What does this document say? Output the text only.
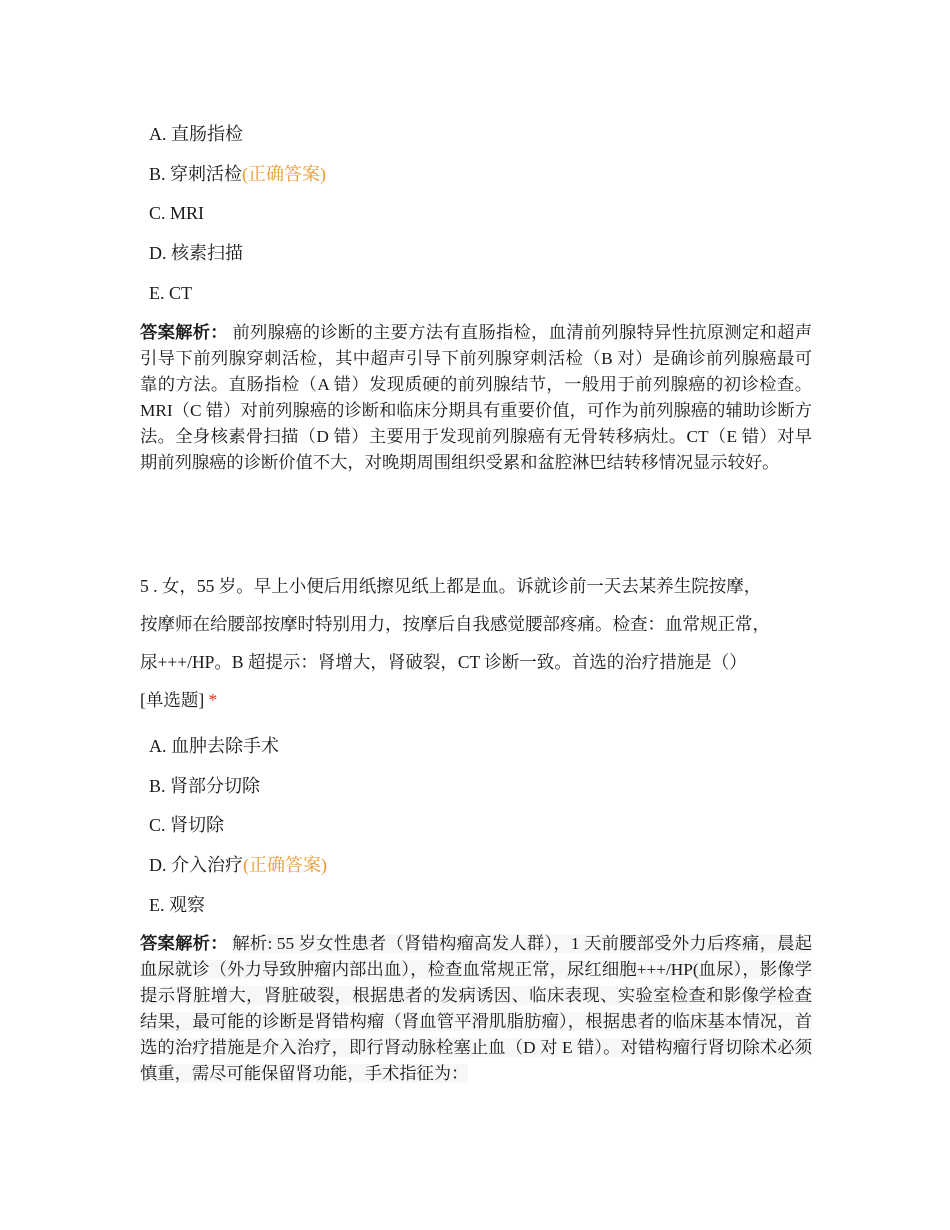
A. 直肠指检
B. 穿刺活检(正确答案)
C. MRI
D. 核素扫描
E. CT
答案解析： 前列腺癌的诊断的主要方法有直肠指检，血清前列腺特异性抗原测定和超声引导下前列腺穿刺活检，其中超声引导下前列腺穿刺活检（B 对）是确诊前列腺癌最可靠的方法。直肠指检（A 错）发现质硬的前列腺结节，一般用于前列腺癌的初诊检查。MRI（C 错）对前列腺癌的诊断和临床分期具有重要价值，可作为前列腺癌的辅助诊断方法。全身核素骨扫描（D 错）主要用于发现前列腺癌有无骨转移病灶。CT（E 错）对早期前列腺癌的诊断价值不大，对晚期周围组织受累和盆腔淋巴结转移情况显示较好。
5 . 女，55 岁。早上小便后用纸擦见纸上都是血。诉就诊前一天去某养生院按摩，
按摩师在给腰部按摩时特别用力，按摩后自我感觉腰部疼痛。检查：血常规正常，
尿+++/HP。B 超提示：肾增大，肾破裂，CT 诊断一致。首选的治疗措施是（）
[单选题] *
A. 血肿去除手术
B. 肾部分切除
C. 肾切除
D. 介入治疗(正确答案)
E. 观察
答案解析： 解析: 55 岁女性患者（肾错构瘤高发人群），1 天前腰部受外力后疼痛，晨起血尿就诊（外力导致肿瘤内部出血），检查血常规正常，尿红细胞+++/HP(血尿），影像学提示肾脏增大，肾脏破裂，根据患者的发病诱因、临床表现、实验室检查和影像学检查结果，最可能的诊断是肾错构瘤（肾血管平滑肌脂肪瘤），根据患者的临床基本情况，首选的治疗措施是介入治疗，即行肾动脉栓塞止血（D 对 E 错）。对错构瘤行肾切除术必须慎重，需尽可能保留肾功能，手术指征为：
